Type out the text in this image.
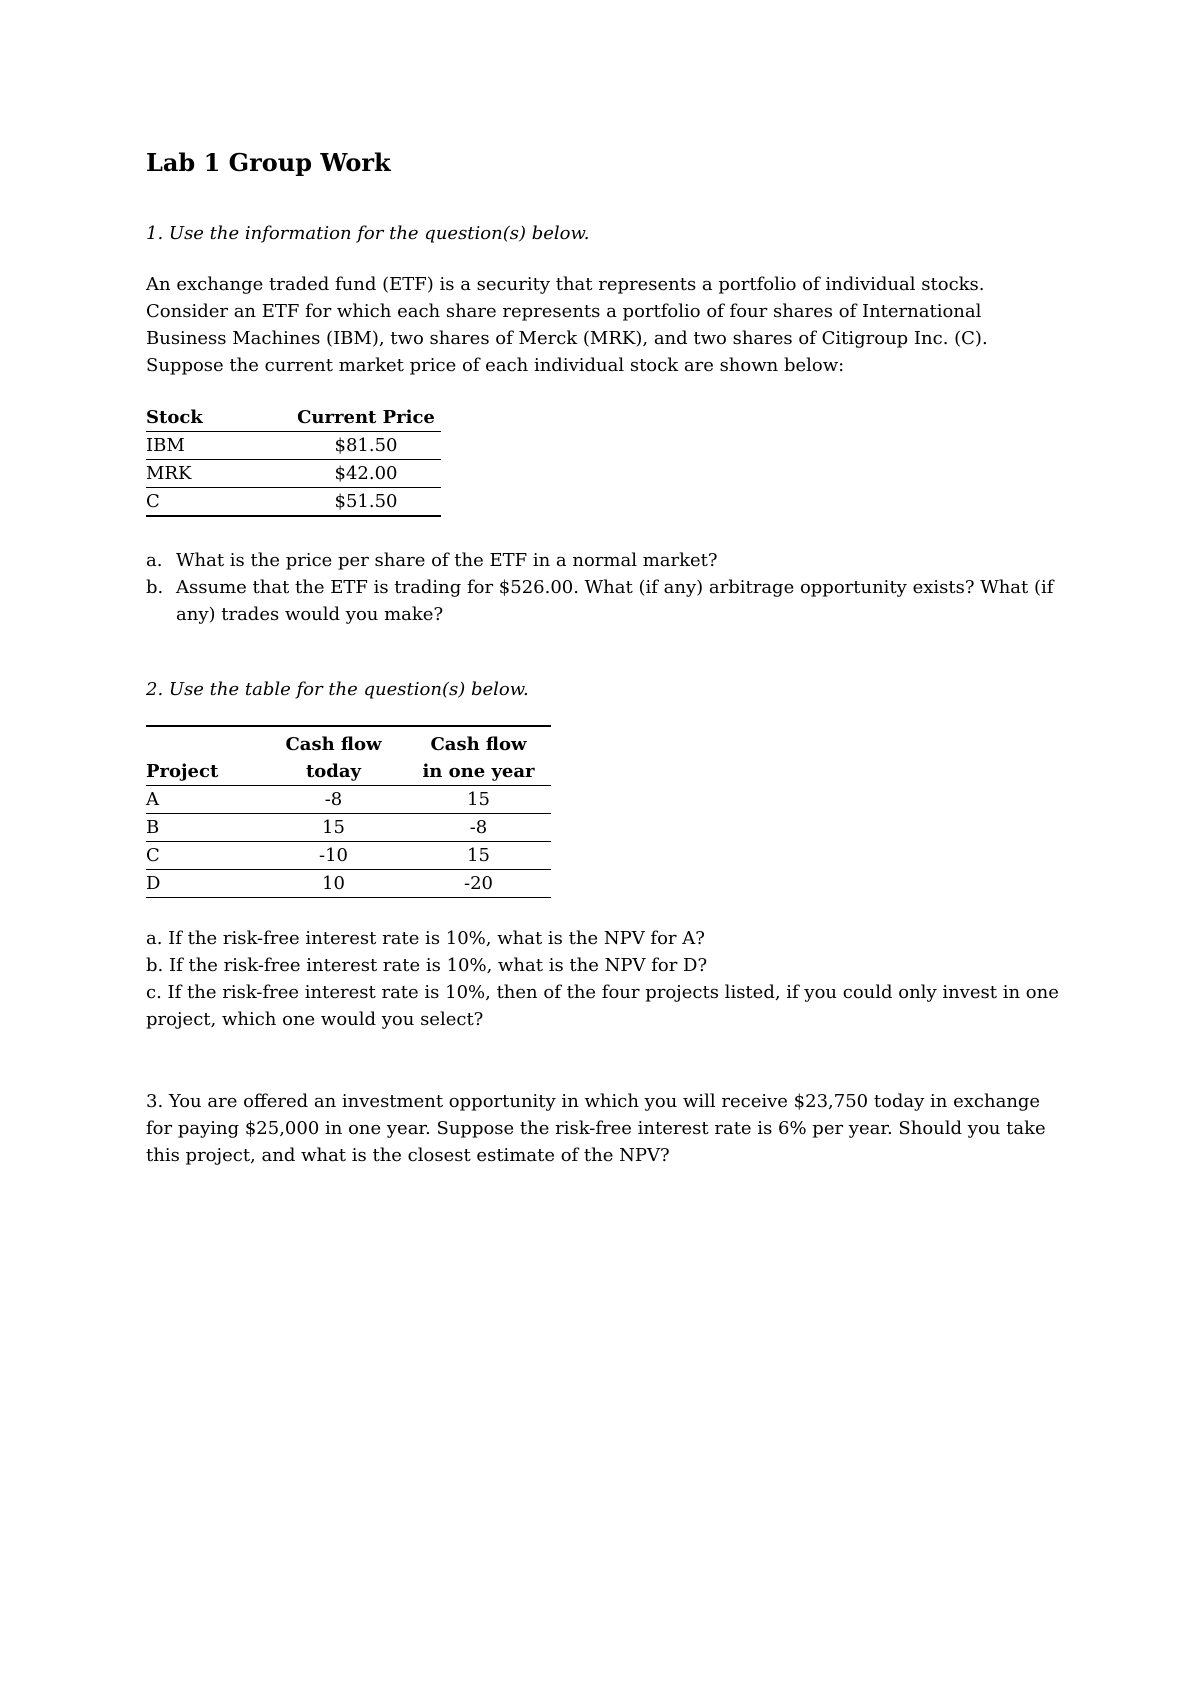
Lab 1 Group Work

1. Use the information for the question(s) below.

An exchange traded fund (ETF) is a security that represents a portfolio of individual stocks. Consider an ETF for which each share represents a portfolio of four shares of International Business Machines (IBM), two shares of Merck (MRK), and two shares of Citigroup Inc. (C). Suppose the current market price of each individual stock are shown below:

Stock	Current Price
IBM	$81.50
MRK	$42.00
C	$51.50
a. What is the price per share of the ETF in a normal market?
b. Assume that the ETF is trading for $526.00. What (if any) arbitrage opportunity exists? What (if any) trades would you make?

2. Use the table for the question(s) below.

	Cash flow	Cash flow
Project	today	in one year
A	-8	15
B	15	-8
C	-10	15
D	10	-20

a. If the risk-free interest rate is 10%, what is the NPV for A?

b. If the risk-free interest rate is 10%, what is the NPV for D?

c. If the risk-free interest rate is 10%, then of the four projects listed, if you could only invest in one project, which one would you select?

3. You are offered an investment opportunity in which you will receive $23,750 today in exchange for paying $25,000 in one year. Suppose the risk-free interest rate is 6% per year. Should you take this project, and what is the closest estimate of the NPV?
